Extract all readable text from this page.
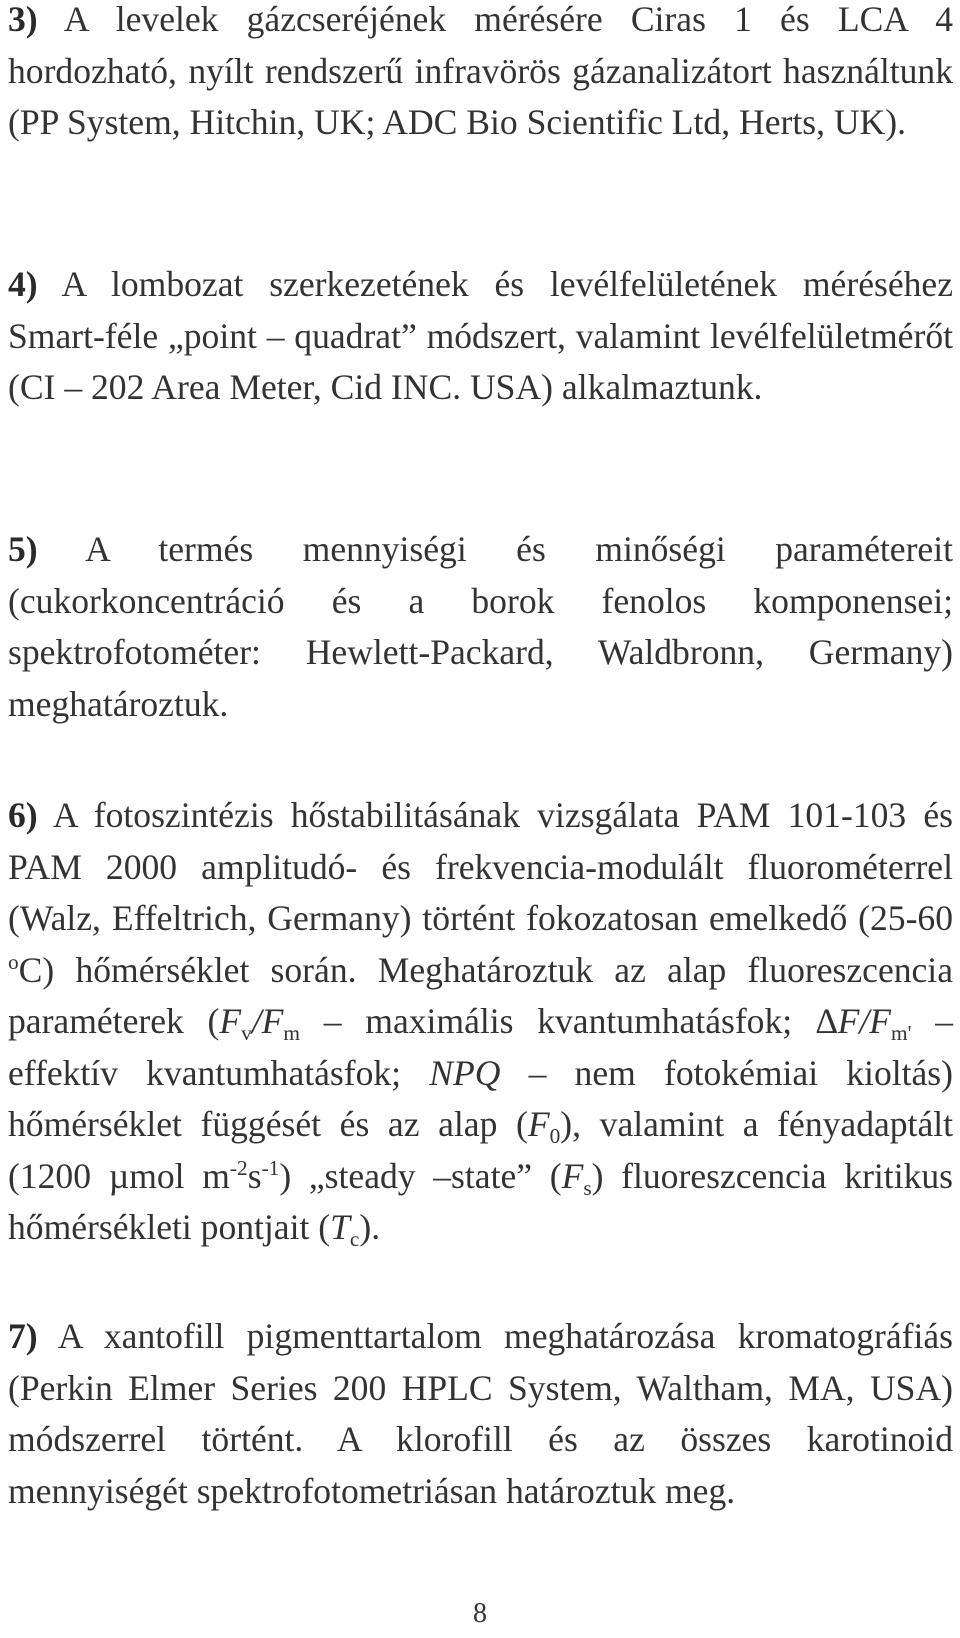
3) A levelek gázcseréjének mérésére Ciras 1 és LCA 4 hordozható, nyílt rendszerű infravörös gázanalizátort használtunk (PP System, Hitchin, UK; ADC Bio Scientific Ltd, Herts, UK).

4) A lombozat szerkezetének és levélfelületének méréséhez Smart-féle „point – quadrat” módszert, valamint levélfelületmérőt (CI – 202 Area Meter, Cid INC. USA) alkalmaztunk.

5) A termés mennyiségi és minőségi paramétereit (cukorkoncentráció és a borok fenolos komponensei; spektrofotométer: Hewlett-Packard, Waldbronn, Germany) meghatároztuk.

6) A fotoszintézis hőstabilitásának vizsgálata PAM 101-103 és PAM 2000 amplitudó- és frekvencia-modulált fluorométerrel (Walz, Effeltrich, Germany) történt fokozatosan emelkedő (25-60 $^o$C) hőmérséklet során. Meghatároztuk az alap fluoreszcencia paraméterek ($F_v/F_m$ – maximális kvantumhatásfok; $\Delta F/F_{m'}$ – effektív kvantumhatásfok; NPQ – nem fotokémiai kioltás) hőmérséklet függését és az alap $(F_0)$, valamint a fényadaptált (1200 µmol $m^{-2}s^{-1}$) „steady –state” $(F_s)$ fluoreszcencia kritikus hőmérsékleti pontjait $(T_c)$.

7) A xantofill pigmenttartalom meghatározása kromatográfiás (Perkin Elmer Series 200 HPLC System, Waltham, MA, USA) módszerrel történt. A klorofill és az összes karotinoid mennyiségét spektrofotometriásan határoztuk meg.

8
